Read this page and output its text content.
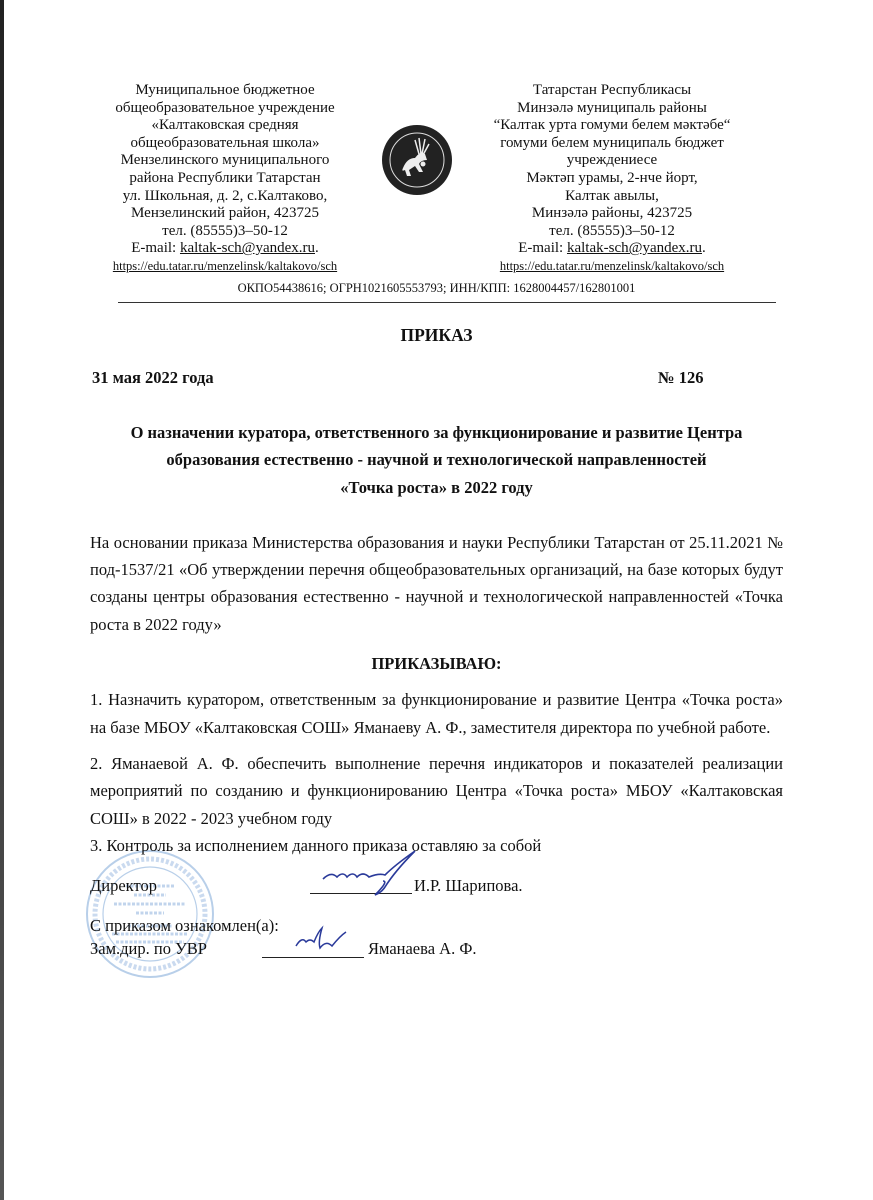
Муниципальное бюджетное
общеобразовательное учреждение
«Калтаковская средняя
общеобразовательная школа»
Мензелинского муниципального
района Республики Татарстан
ул. Школьная, д. 2, с.Калтаково,
Мензелинский район, 423725
тел. (85555)3–50-12
E-mail: kaltak-sch@yandex.ru.
https://edu.tatar.ru/menzelinsk/kaltakovo/sch
Татарстан Республикасы
Минзәлә муниципаль районы
“Калтак урта гомуми белем мәктәбе“
гомуми белем муниципаль бюджет
учреждениесе
Мәктәп урамы, 2-нче йорт,
Калтак авылы,
Минзәлә районы, 423725
тел. (85555)3–50-12
E-mail: kaltak-sch@yandex.ru.
https://edu.tatar.ru/menzelinsk/kaltakovo/sch
ОКПО54438616; ОГРН1021605553793; ИНН/КПП: 1628004457/162801001
ПРИКАЗ
31 мая 2022 года	№ 126
О назначении куратора, ответственного за функционирование и развитие Центра
образования естественно - научной и технологической направленностей
«Точка роста» в 2022 году
На основании приказа Министерства образования и науки Республики Татарстан от 25.11.2021 № под-1537/21 «Об утверждении перечня общеобразовательных организаций, на базе которых будут созданы центры образования естественно - научной и технологической направленностей «Точка роста в 2022 году»
ПРИКАЗЫВАЮ:
1. Назначить куратором, ответственным за функционирование и развитие Центра «Точка роста» на базе МБОУ «Калтаковская СОШ» Яманаеву А. Ф., заместителя директора по учебной работе.
2. Яманаевой А. Ф. обеспечить выполнение перечня индикаторов и показателей реализации мероприятий по созданию и функционированию Центра «Точка роста» МБОУ «Калтаковская СОШ» в 2022 - 2023 учебном году
3. Контроль за исполнением данного приказа оставляю за собой
Директор	И.Р. Шарипова.
С приказом ознакомлен(а):
Зам.дир. по УВР	Яманаева А. Ф.
